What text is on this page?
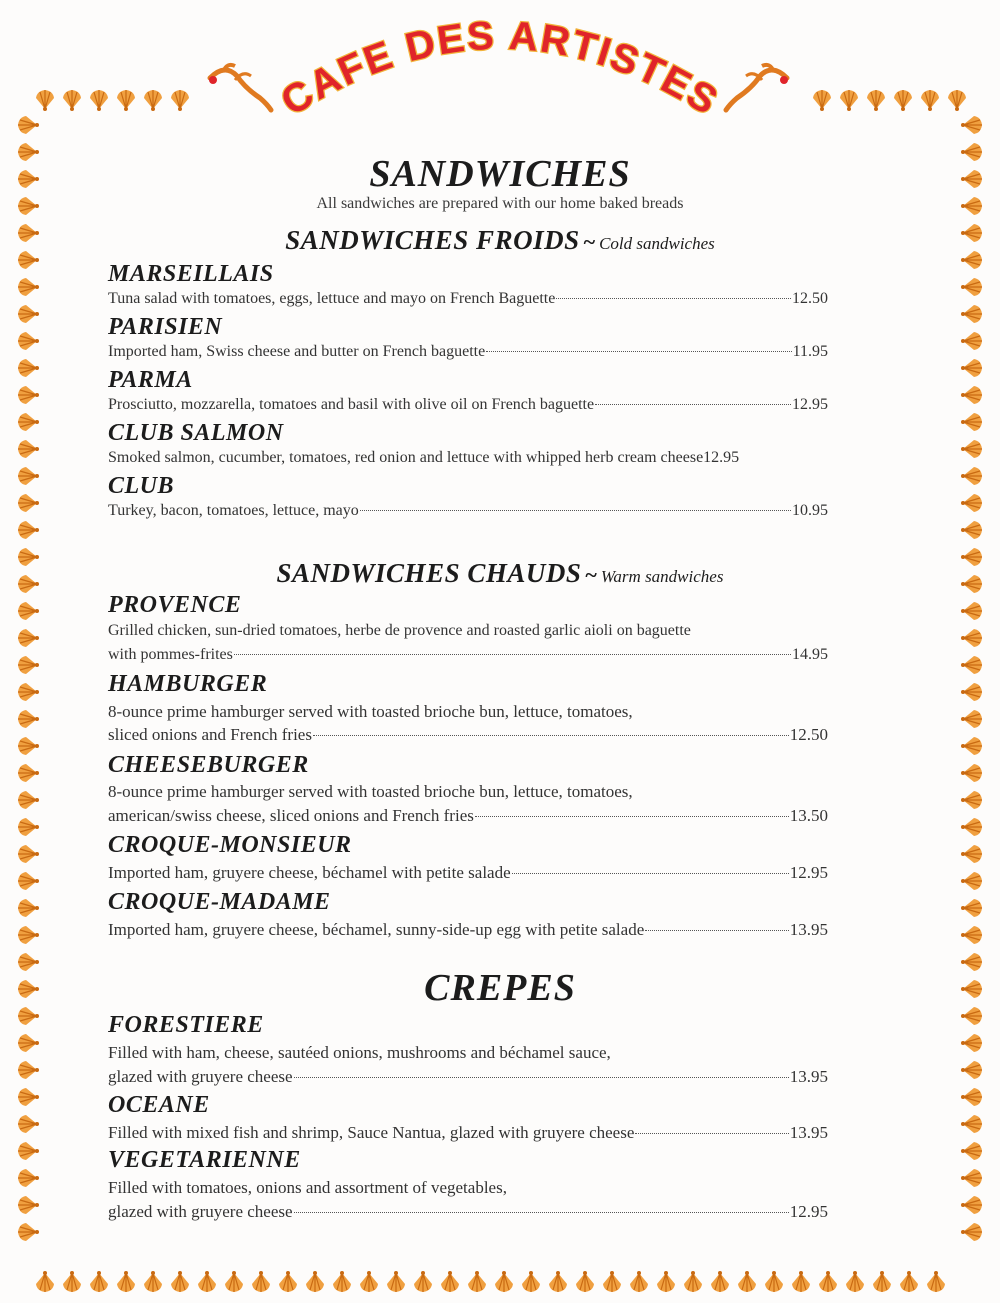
CAFE DES ARTISTES
SANDWICHES
All sandwiches are prepared with our home baked breads
SANDWICHES FROIDS ~ Cold sandwiches
MARSEILLAIS
Tuna salad with tomatoes, eggs, lettuce and mayo on French Baguette	12.50
PARISIEN
Imported ham, Swiss cheese and butter on French baguette	11.95
PARMA
Prosciutto, mozzarella, tomatoes and basil with olive oil on French baguette	12.95
CLUB SALMON
Smoked salmon, cucumber, tomatoes, red onion and lettuce with whipped herb cream cheese 12.95
CLUB
Turkey, bacon, tomatoes, lettuce, mayo	10.95
SANDWICHES CHAUDS ~ Warm sandwiches
PROVENCE
Grilled chicken, sun-dried tomatoes, herbe de provence and roasted garlic aioli on baguette
with pommes-frites	14.95
HAMBURGER
8-ounce prime hamburger served with toasted brioche bun, lettuce, tomatoes,
sliced onions and French fries	12.50
CHEESEBURGER
8-ounce prime hamburger served with toasted brioche bun, lettuce, tomatoes,
american/swiss cheese, sliced onions and French fries	13.50
CROQUE-MONSIEUR
Imported ham, gruyere cheese, béchamel with petite salade	12.95
CROQUE-MADAME
Imported ham, gruyere cheese, béchamel, sunny-side-up egg with petite salade	13.95
CREPES
FORESTIERE
Filled with ham, cheese, sautéed onions, mushrooms and béchamel sauce,
glazed with gruyere cheese	13.95
OCEANE
Filled with mixed fish and shrimp, Sauce Nantua, glazed with gruyere cheese	13.95
VEGETARIENNE
Filled with tomatoes, onions and assortment of vegetables,
glazed with gruyere cheese	12.95
